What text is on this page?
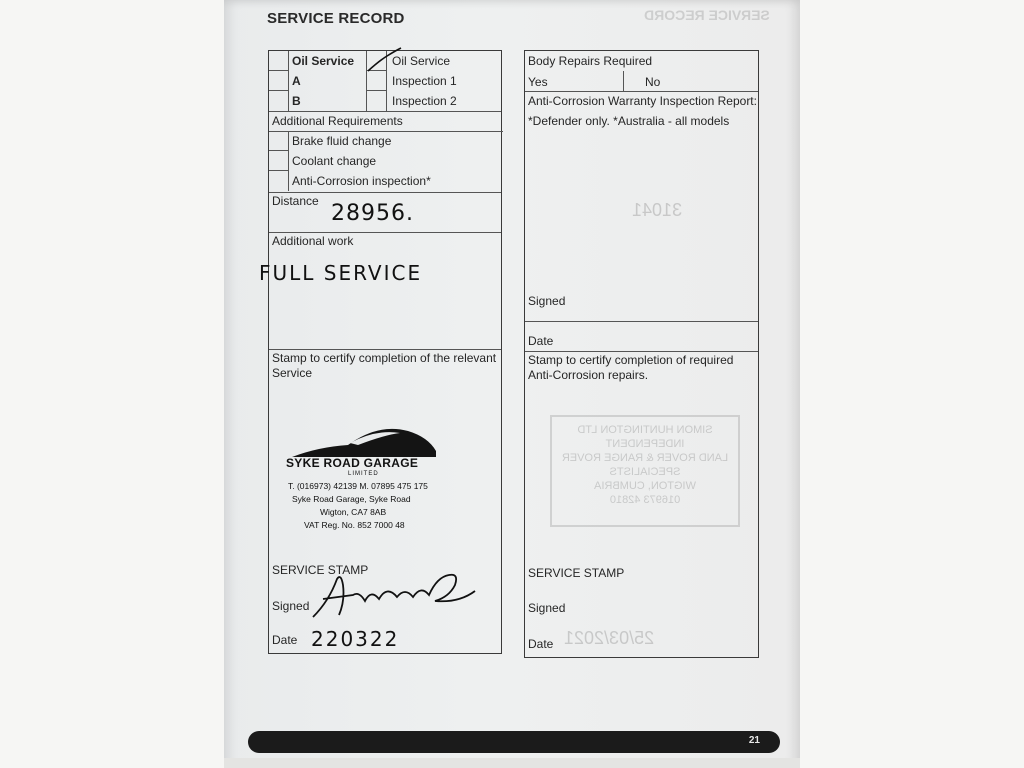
SERVICE RECORD	SERVICE RECORD
Oil Service
A
B
Oil Service
Inspection 1
Inspection 2
Additional Requirements
Brake fluid change
Coolant change
Anti-Corrosion inspection*
Distance 28956.
Additional work
FULL SERVICE
Stamp to certify completion of the relevant Service
SYKE ROAD GARAGE
LIMITED
T. (016973) 42139 M. 07895 475 175
Syke Road Garage, Syke Road
Wigton, CA7 8AB
VAT Reg. No. 852 7000 48
SERVICE STAMP
Signed
Date 220322
Body Repairs Required
Yes	No
Anti-Corrosion Warranty Inspection Report:
*Defender only. *Australia - all models
Signed
Date
Stamp to certify completion of required Anti-Corrosion repairs.
SERVICE STAMP
Signed
Date
31041
25/03/2021
SIMON HUNTINGTON LTD
INDEPENDENT
LAND ROVER & RANGE ROVER
SPECIALISTS
WIGTON, CUMBRIA
016973 42810
21
